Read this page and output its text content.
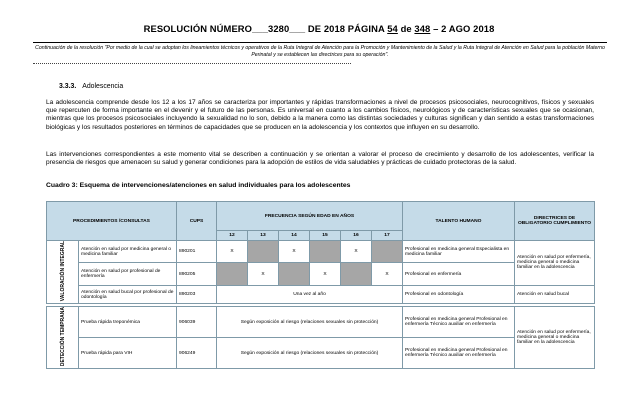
RESOLUCIÓN NÚMERO___3280___ DE 2018 PÁGINA 54 de 348 – 2 AGO 2018
Continuación de la resolución "Por medio de la cual se adoptan los lineamientos técnicos y operativos de la Ruta Integral de Atención para la Promoción y Mantenimiento de la Salud y la Ruta Integral de Atención en Salud para la población Materno Perinatal y se establecen las directrices para su operación".
3.3.3. Adolescencia
La adolescencia comprende desde los 12 a los 17 años se caracteriza por importantes y rápidas transformaciones a nivel de procesos psicosociales, neurocognitivos, físicos y sexuales que repercuten de forma importante en el devenir y el futuro de las personas. Es universal en cuanto a los cambios físicos, neurológicos y de características sexuales que se ocasionan, mientras que los procesos psicosociales incluyendo la sexualidad no lo son, debido a la manera como las distintas sociedades y culturas significan y dan sentido a estas transformaciones biológicas y los resultados posteriores en términos de capacidades que se producen en la adolescencia y los contextos que influyen en su desarrollo.
Las intervenciones correspondientes a este momento vital se describen a continuación y se orientan a valorar el proceso de crecimiento y desarrollo de los adolescentes, verificar la presencia de riesgos que amenacen su salud y generar condiciones para la adopción de estilos de vida saludables y prácticas de cuidado protectoras de la salud.
Cuadro 3: Esquema de intervenciones/atenciones en salud individuales para los adolescentes
PROCEDIMIENTOS /CONSULTAS		CUPS	FRECUENCIA SEGÚN EDAD EN AÑOS						TALENTO HUMANO	DIRECTRICES DE OBLIGATORIO CUMPLIMIENTO
			12	13	14	15	16	17		
VALORACIÓN INTEGRAL	Atención en salud por medicina general o medicina familiar	890201	X		X		X		Profesional en medicina general Especialista en medicina familiar	Atención en salud por enfermería, medicina general o medicina familiar en la adolescencia
	Atención en salud por profesional de enfermería	890205		X		X		X	Profesional en enfermería	
	Atención en salud bucal por profesional de odontología	890203	Una vez al año						Profesional en odontología	Atención en salud bucal

DETECCIÓN TEMPRANA	Prueba rápida treponémica	906039	Según exposición al riesgo (relaciones sexuales sin protección)						Profesional en medicina general Profesional en enfermería Técnico auxiliar en enfermería	Atención en salud por enfermería, medicina general o medicina familiar en la adolescencia
	Prueba rápida para VIH	906249	Según exposición al riesgo (relaciones sexuales sin protección)						Profesional en medicina general Profesional en enfermería Técnico auxiliar en enfermería	
